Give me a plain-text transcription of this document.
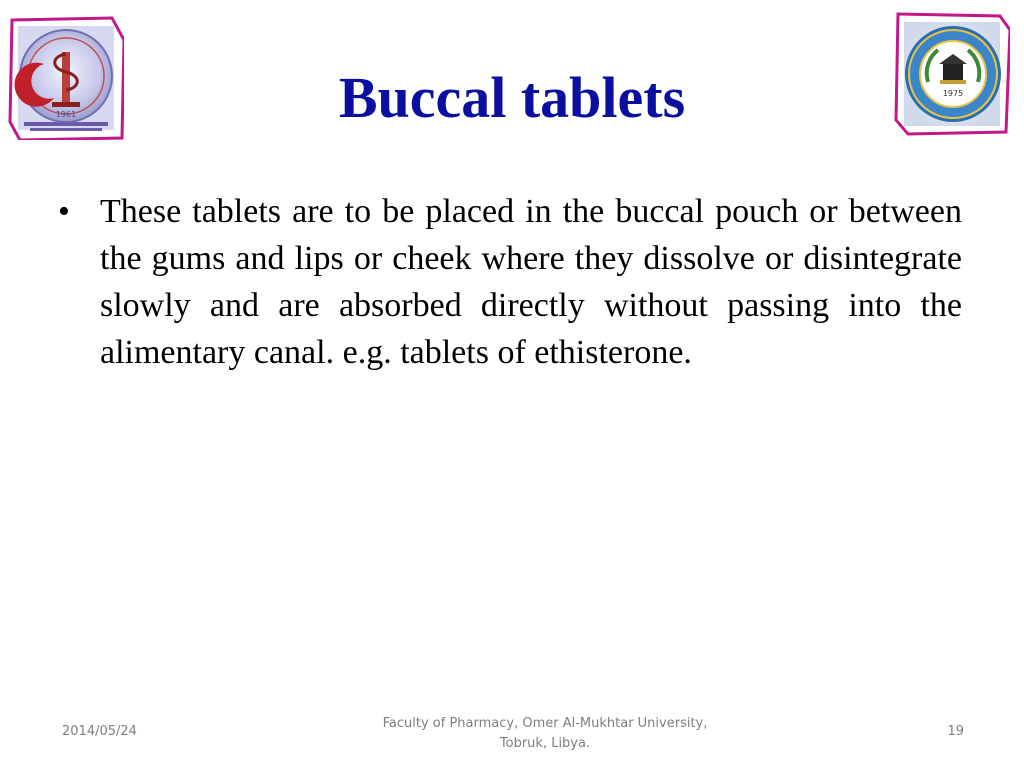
1961	Buccal tablets	1975
• These tablets are to be placed in the buccal pouch or between the gums and lips or cheek where they dissolve or disintegrate slowly and are absorbed directly without passing into the alimentary canal. e.g. tablets of ethisterone.
2014/05/24
Faculty of Pharmacy, Omer Al-Mukhtar University,
Tobruk, Libya.
19
